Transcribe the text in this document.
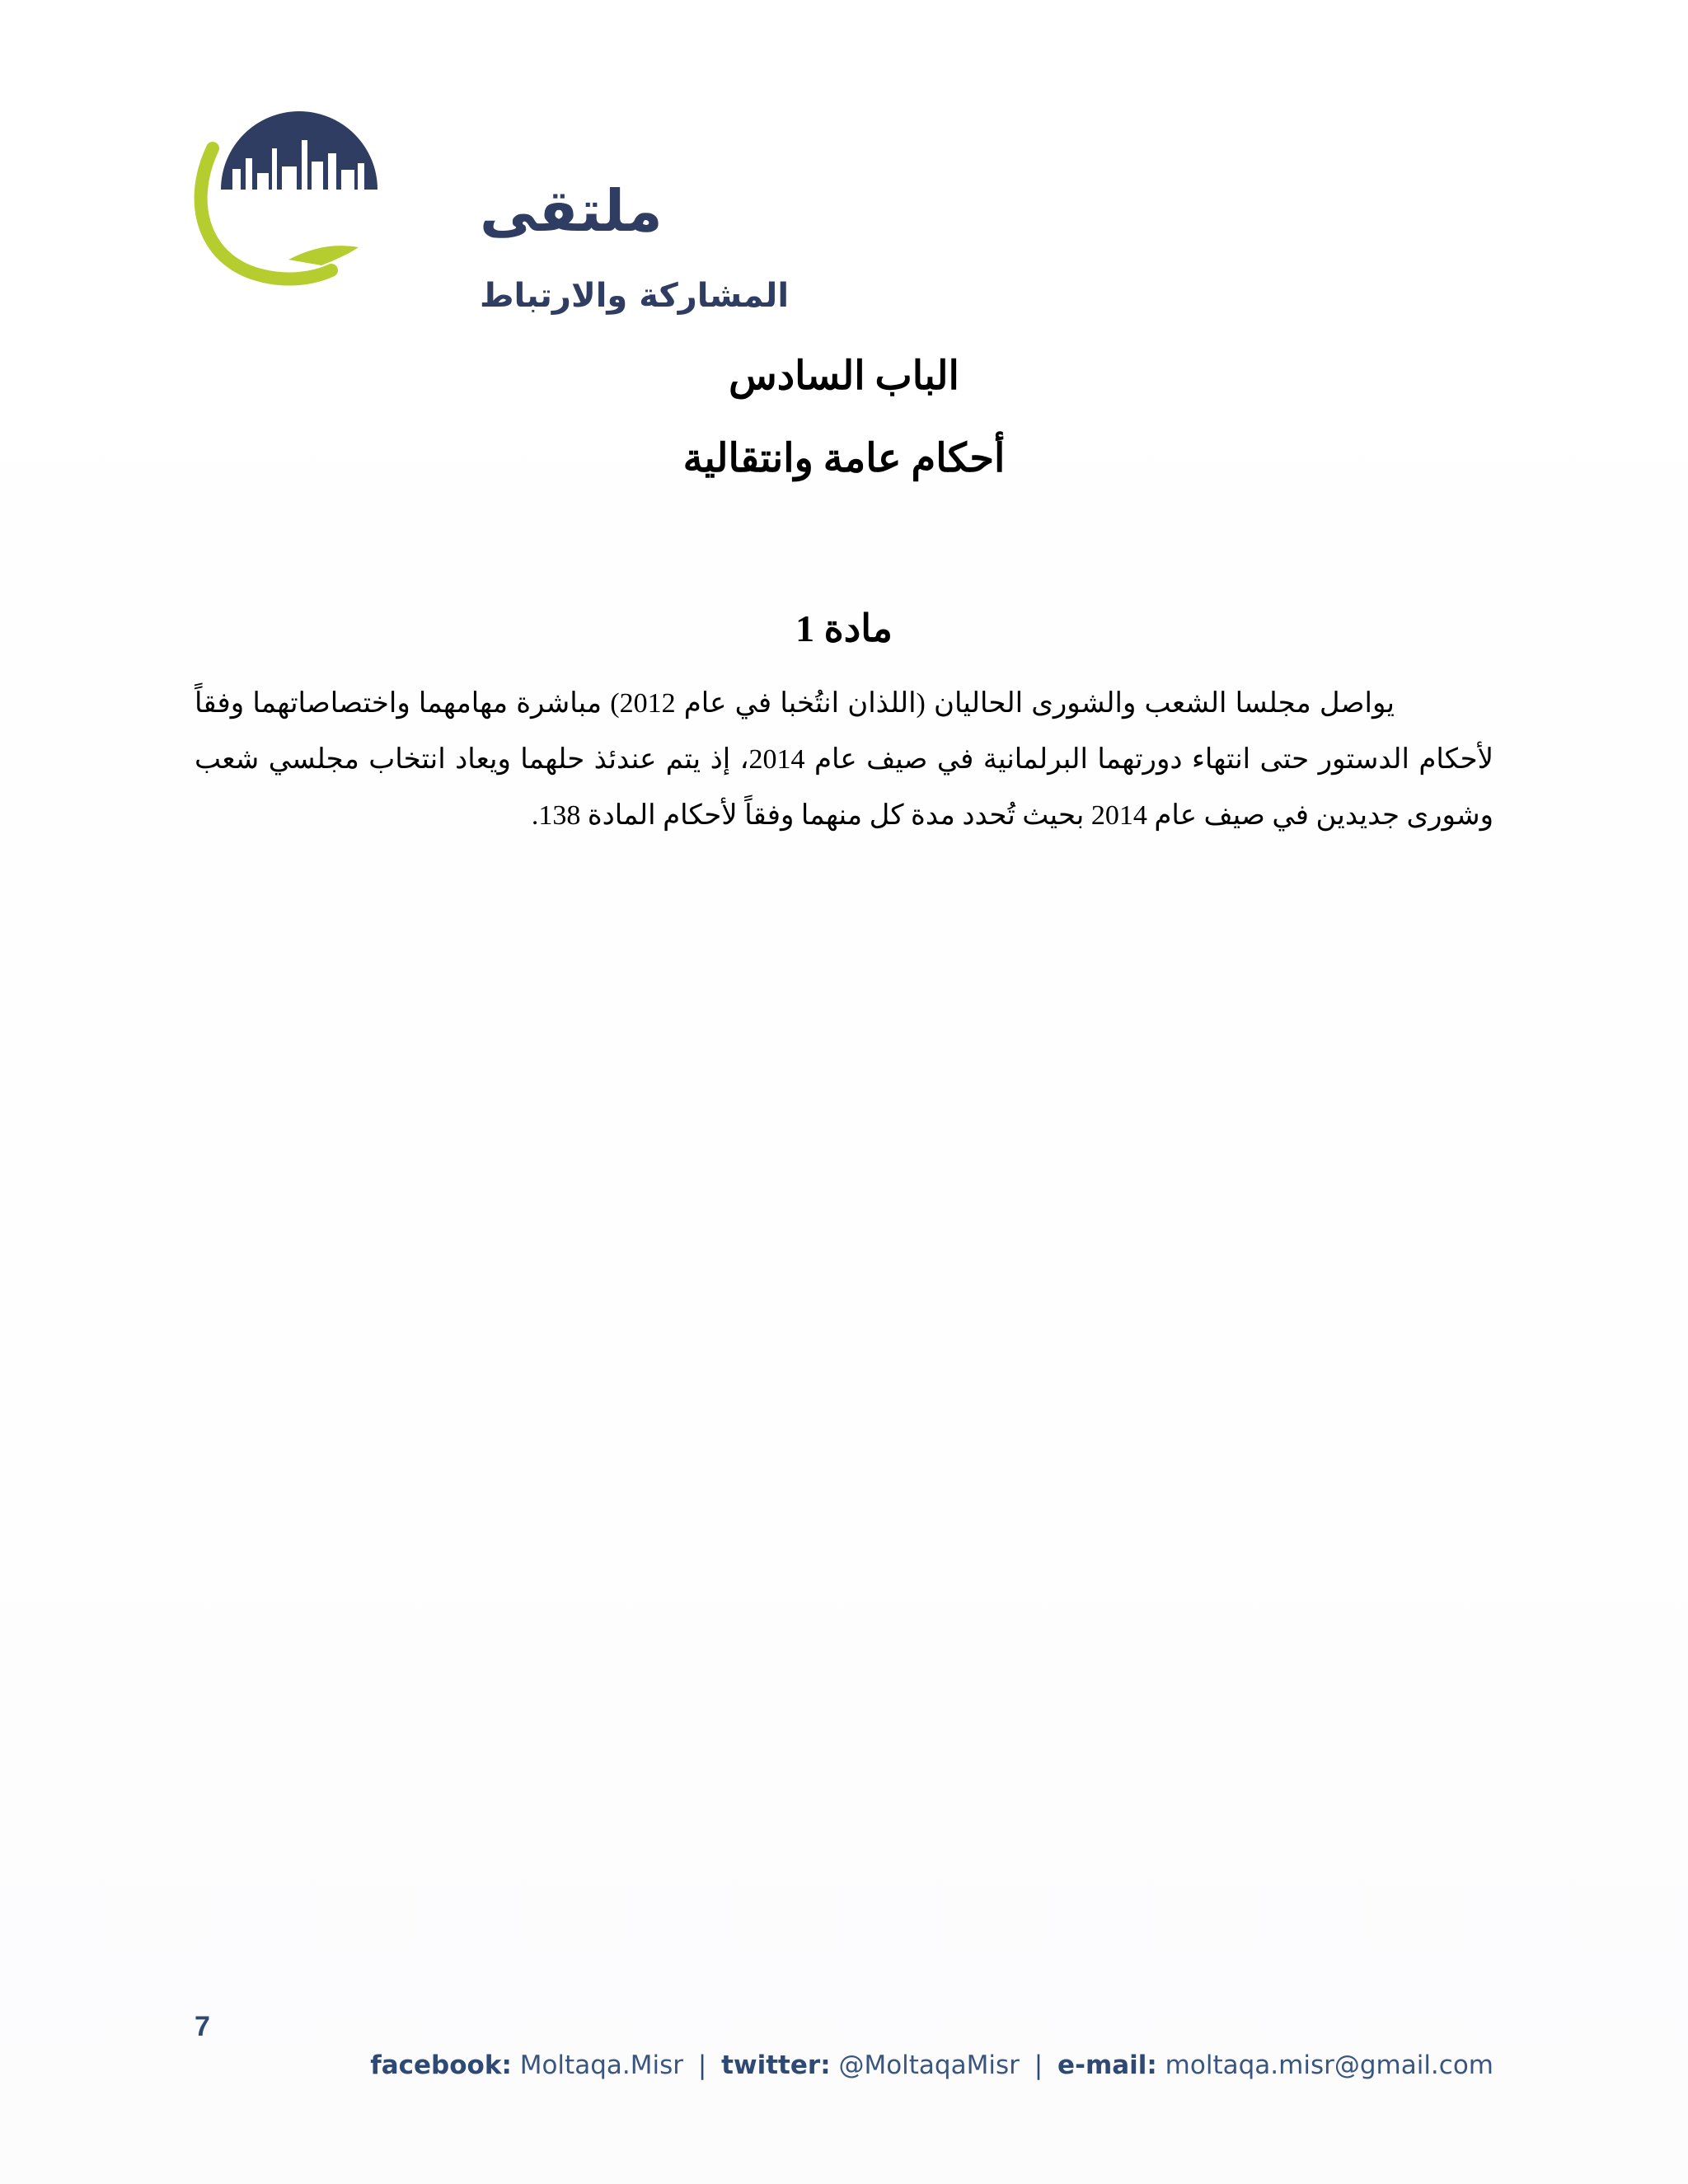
ملتقى
المشاركة والارتباط
الباب السادس
أحكام عامة وانتقالية
مادة 1

يواصل مجلسا الشعب والشورى الحاليان (اللذان انتُخبا في عام 2012) مباشرة مهامهما واختصاصاتهما وفقاً لأحكام الدستور حتى انتهاء دورتهما البرلمانية في صيف عام 2014، إذ يتم عندئذ حلهما ويعاد انتخاب مجلسي شعب وشورى جديدين في صيف عام 2014 بحيث تُحدد مدة كل منهما وفقاً لأحكام المادة 138.

7
facebook: Moltaqa.Misr | twitter: @MoltaqaMisr | e-mail: moltaqa.misr@gmail.com
